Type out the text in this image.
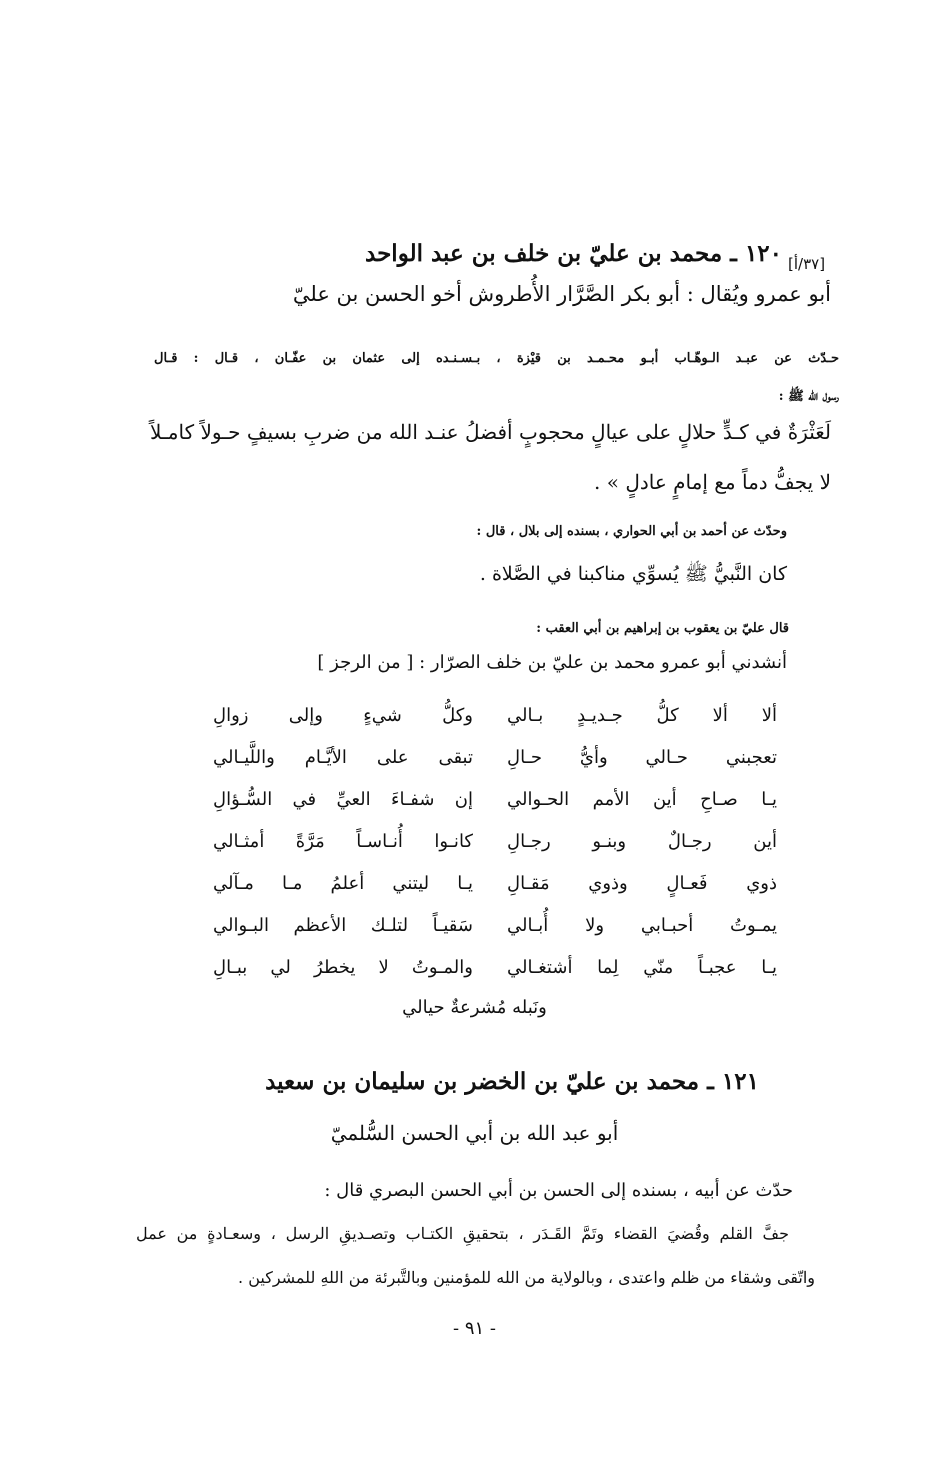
[٣٧/أ]
١٢٠ ـ محمد بن عليّ بن خلف بن عبد الواحد
أبو عمرو ويُقال : أبو بكر الصَّرَّار الأُطروش أخو الحسن بن عليّ
حـدّث عن عبـد الـوهّـاب أبـو محـمـد بن قيْزة ، بـسـنـده إلى عثمان بن عفّـان ، قـال : قـال
رسول الله ﷺ :
لَعَثْرَةٌ في كـدٍّ حلالٍ على عيالٍ محجوبٍ أفضلُ عنـد الله من ضربِ بسيفٍ حـولاً كامـلاً
لا يجفُّ دماً مع إمامٍ عادلٍ » .
وحدّث عن أحمد بن أبي الحواري ، بسنده إلى بلال ، قال :
كان النَّبيُّ ﷺ يُسوِّي مناكبنا في الصَّلاة .
قال عليّ بن يعقوب بن إبراهيم بن أبي العقب :
أنشدني أبو عمرو محمد بن عليّ بن خلف الصرّار : [ من الرجز ]
ألا ألا كلُّ جـديـدٍ بـالي
وكلُّ شيءٍ وإلى زوالِ
تعجبني حـالي وأيُّ حـالِ
تبقى على الأيَّـام واللَّيـالي
يـا صـاحِ أين الأمم الحـوالي
إن شفـاءَ العيِّ في السُّـؤالِ
أين رجـالٌ وبنـو رجـالِ
كانـوا أُنـاسـاً مَرَّةً أمثـالي
ذوي فَعـالٍ وذوي مَقـالِ
يـا ليتني أعلمُ مـا مـآلي
يمـوتُ أحبـابي ولا أُبـالي
سَقيـاً لتلـك الأعظم البـوالي
يـا عجبـاً منّي لِما أشتغـالي
والمـوتُ لا يخطرُ لي ببـالِ
ونَبله مُشرعةٌ حيالي
١٢١ ـ محمد بن عليّ بن الخضر بن سليمان بن سعيد
أبو عبد الله بن أبي الحسن السُّلميّ
حدّث عن أبيه ، بسنده إلى الحسن بن أبي الحسن البصري قال :
جفَّ القلم وقُضيَ القضاء وتَمَّ القَـدَر ، بتحقيقِ الكتـاب وتصـديقِ الرسل ، وسعـادةٍ من عمل
واتّقى وشقاء من ظلم واعتدى ، وبالولاية من الله للمؤمنين وبالتَّبرئة من اللهِ للمشركين .
- ٩١ -
